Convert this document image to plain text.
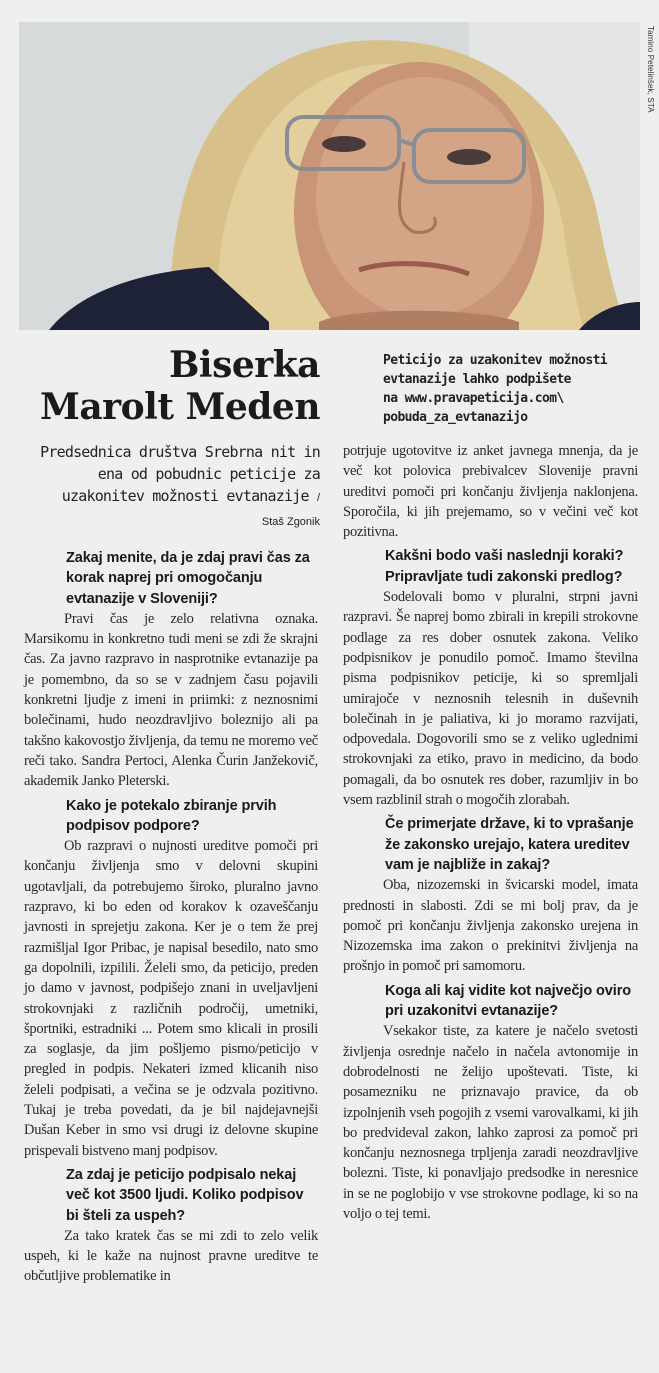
Tamino Petelinšek, STA
Biserka
Marolt Meden
Peticijo za uzakonitev možnosti
evtanazije lahko podpišete
na www.pravapeticija.com\
pobuda_za_evtanazijo
Predsednica društva Srebrna nit in ena od pobudnic peticije za uzakonitev možnosti evtanazije / Staš Zgonik

Zakaj menite, da je zdaj pravi čas za korak naprej pri omogočanju evtanazije v Sloveniji?

Pravi čas je zelo relativna oznaka. Marsikomu in konkretno tudi meni se zdi že skrajni čas. Za javno razpravo in nasprotnike evtanazije pa je pomembno, da so se v zadnjem času pojavili konkretni ljudje z imeni in priimki: z neznosnimi bolečinami, hudo neozdravljivo boleznijo ali pa takšno kakovostjo življenja, da temu ne moremo več reči tako. Sandra Pertoci, Alenka Čurin Janžekovič, akademik Janko Pleterski.

Kako je potekalo zbiranje prvih podpisov podpore?

Ob razpravi o nujnosti ureditve pomoči pri končanju življenja smo v delovni skupini ugotavljali, da potrebujemo široko, pluralno javno razpravo, ki bo eden od korakov k ozaveščanju javnosti in sprejetju zakona. Ker je o tem že prej razmišljal Igor Pribac, je napisal besedilo, nato smo ga dopolnili, izpilili. Želeli smo, da peticijo, preden jo damo v javnost, podpišejo znani in uveljavljeni strokovnjaki z različnih področij, umetniki, športniki, estradniki ... Potem smo klicali in prosili za soglasje, da jim pošljemo pismo/peticijo v pregled in podpis. Nekateri izmed klicanih niso želeli podpisati, a večina se je odzvala pozitivno. Tukaj je treba povedati, da je bil najdejavnejši Dušan Keber in smo vsi drugi iz delovne skupine prispevali bistveno manj podpisov.

Za zdaj je peticijo podpisalo nekaj več kot 3500 ljudi. Koliko podpisov bi šteli za uspeh?

Za tako kratek čas se mi zdi to zelo velik uspeh, ki le kaže na nujnost pravne ureditve te občutljive problematike in

potrjuje ugotovitve iz anket javnega mnenja, da je več kot polovica prebivalcev Slovenije pravni ureditvi pomoči pri končanju življenja naklonjena. Sporočila, ki jih prejemamo, so v večini več kot pozitivna.

Kakšni bodo vaši naslednji koraki? Pripravljate tudi zakonski predlog?

Sodelovali bomo v pluralni, strpni javni razpravi. Še naprej bomo zbirali in krepili strokovne podlage za res dober osnutek zakona. Veliko podpisnikov je ponudilo pomoč. Imamo številna pisma podpisnikov peticije, ki so spremljali umirajoče v neznosnih telesnih in duševnih bolečinah in je paliativa, ki jo moramo razvijati, odpovedala. Dogovorili smo se z veliko uglednimi strokovnjaki za etiko, pravo in medicino, da bodo pomagali, da bo osnutek res dober, razumljiv in bo vsem razblinil strah o mogočih zlorabah.

Če primerjate države, ki to vprašanje že zakonsko urejajo, katera ureditev vam je najbliže in zakaj?

Oba, nizozemski in švicarski model, imata prednosti in slabosti. Zdi se mi bolj prav, da je pomoč pri končanju življenja zakonsko urejena in Nizozemska ima zakon o prekinitvi življenja na prošnjo in pomoč pri samomoru.

Koga ali kaj vidite kot največjo oviro pri uzakonitvi evtanazije?

Vsekakor tiste, za katere je načelo svetosti življenja osrednje načelo in načela avtonomije in dobrodelnosti ne želijo upoštevati. Tiste, ki posamezniku ne priznavajo pravice, da ob izpolnjenih vseh pogojih z vsemi varovalkami, ki jih bo predvideval zakon, lahko zaprosi za pomoč pri končanju neznosnega trpljenja zaradi neozdravljive bolezni. Tiste, ki ponavljajo predsodke in neresnice in se ne poglobijo v vse strokovne podlage, ki so na voljo o tej temi.
